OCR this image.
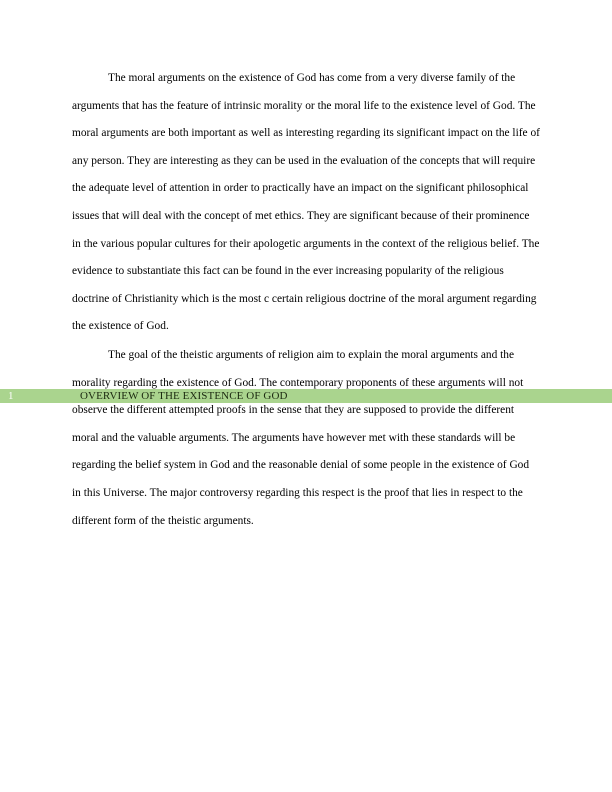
The moral arguments on the existence of God has come from a very diverse family of the arguments that has the feature of intrinsic morality or the moral life to the existence level of God. The moral arguments are both important as well as interesting regarding its significant impact on the life of any person. They are interesting as they can be used in the evaluation of the concepts that will require the adequate level of attention in order to practically have an impact on the significant philosophical issues that will deal with the concept of met ethics. They are significant because of their prominence in the various popular cultures for their apologetic arguments in the context of the religious belief. The evidence to substantiate this fact can be found in the ever increasing popularity of the religious doctrine of Christianity which is the most c certain religious doctrine of the moral argument regarding the existence of God.

The goal of the theistic arguments of religion aim to explain the moral arguments and the morality regarding the existence of God. The contemporary proponents of these arguments will not observe the different attempted proofs in the sense that they are supposed to provide the different moral and the valuable arguments. The arguments have however met with these standards will be regarding the belief system in God and the reasonable denial of some people in the existence of God in this Universe. The major controversy regarding this respect is the proof that lies in respect to the different form of the theistic arguments.

1	OVERVIEW OF THE EXISTENCE OF GOD
